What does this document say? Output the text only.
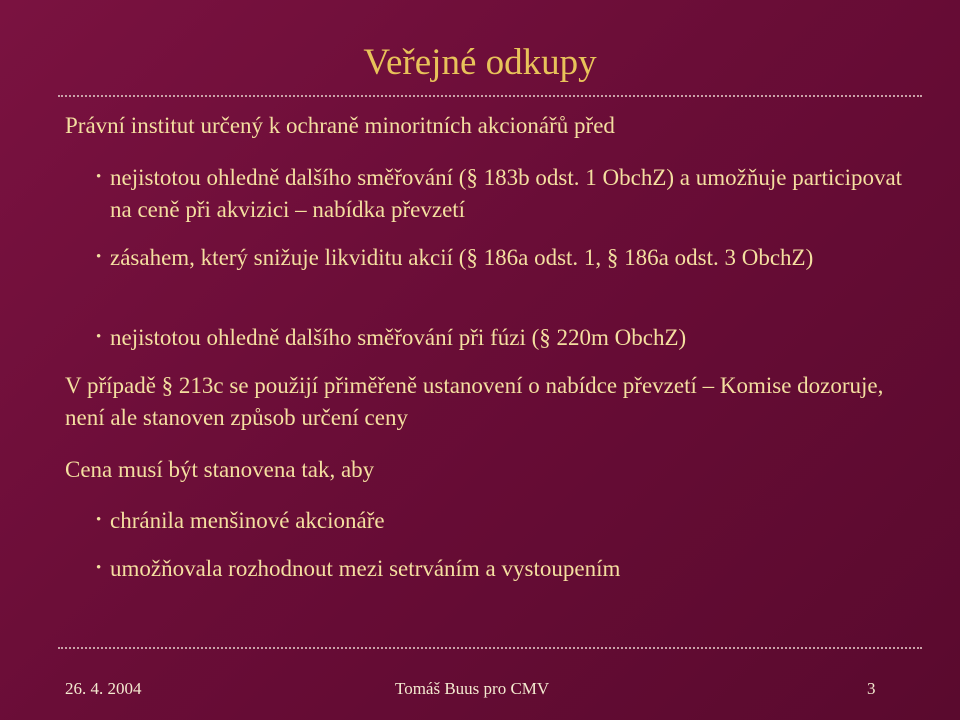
Veřejné odkupy
Právní institut určený k ochraně minoritních akcionářů před
• nejistotou ohledně dalšího směřování (§ 183b odst. 1 ObchZ) a umožňuje participovat na ceně při akvizici – nabídka převzetí
• zásahem, který snižuje likviditu akcií (§ 186a odst. 1, § 186a odst. 3 ObchZ)
• nejistotou ohledně dalšího směřování při fúzi (§ 220m ObchZ)
V případě § 213c se použijí přiměřeně ustanovení o nabídce převzetí – Komise dozoruje, není ale stanoven způsob určení ceny
Cena musí být stanovena tak, aby
• chránila menšinové akcionáře
• umožňovala rozhodnout mezi setrváním a vystoupením
26. 4. 2004	Tomáš Buus pro CMV	3
